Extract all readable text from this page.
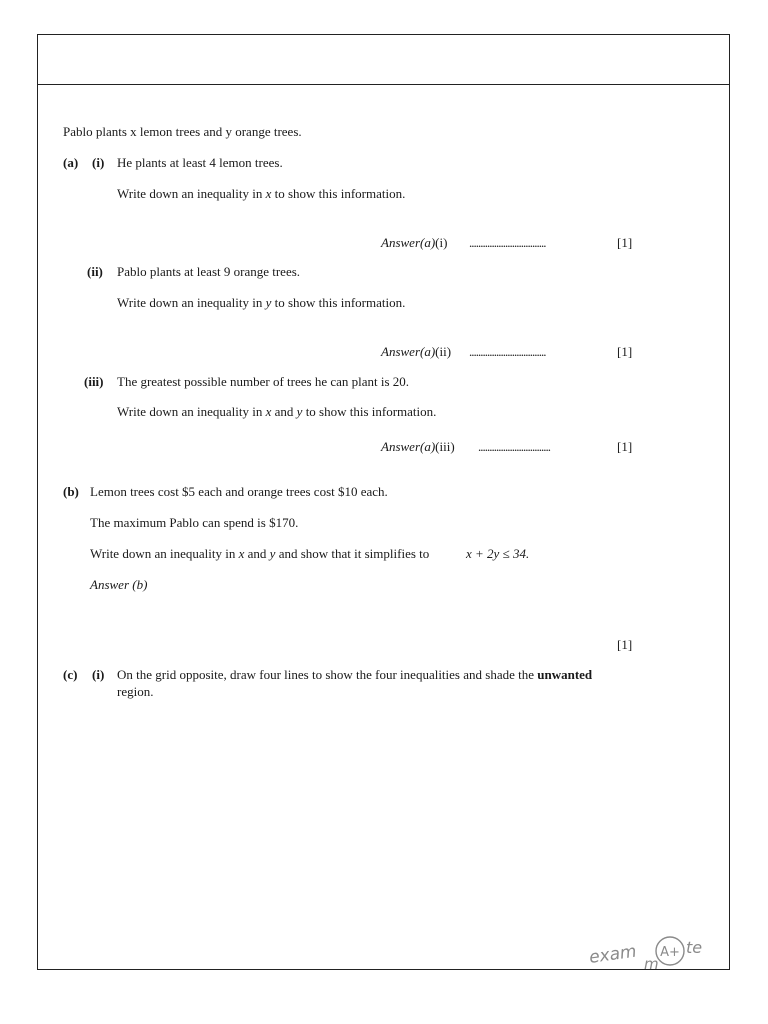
Pablo plants x lemon trees and y orange trees.
(a) (i) He plants at least 4 lemon trees.
Write down an inequality in x to show this information.
Answer(a)(i) ..................................	[1]
(ii) Pablo plants at least 9 orange trees.
Write down an inequality in y to show this information.
Answer(a)(ii) ..................................	[1]
(iii) The greatest possible number of trees he can plant is 20.
Write down an inequality in x and y to show this information.
Answer(a)(iii) ................................	[1]
(b) Lemon trees cost $5 each and orange trees cost $10 each.
The maximum Pablo can spend is $170.
Write down an inequality in x and y and show that it simplifies to	x + 2y ≤ 34.
Answer (b)
[1]
(c) (i) On the grid opposite, draw four lines to show the four inequalities and shade the unwanted
region.
exam m
A+ te
